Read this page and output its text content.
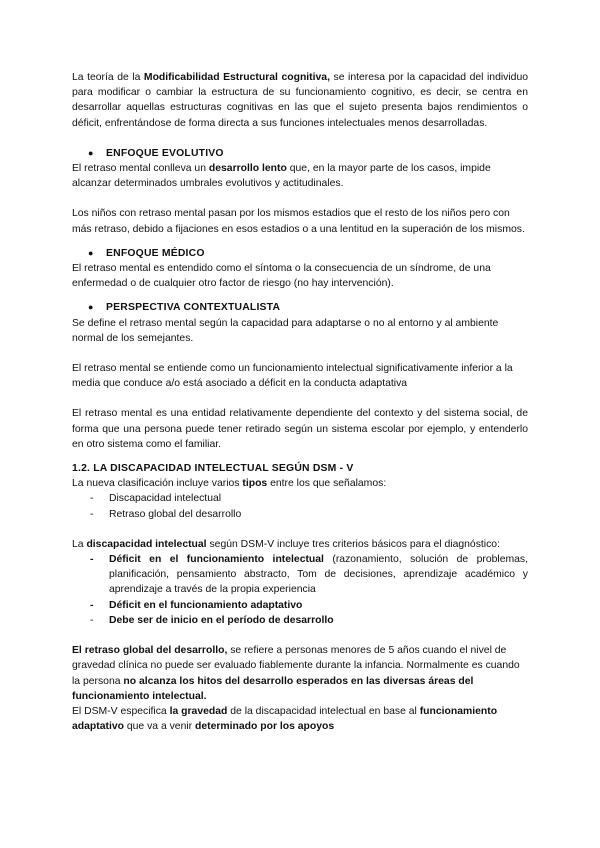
La teoría de la Modificabilidad Estructural cognitiva, se interesa por la capacidad del individuo para modificar o cambiar la estructura de su funcionamiento cognitivo, es decir, se centra en desarrollar aquellas estructuras cognitivas en las que el sujeto presenta bajos rendimientos o déficit, enfrentándose de forma directa a sus funciones intelectuales menos desarrolladas.

●	ENFOQUE EVOLUTIVO

El retraso mental conlleva un desarrollo lento que, en la mayor parte de los casos, impide alcanzar determinados umbrales evolutivos y actitudinales.

Los niños con retraso mental pasan por los mismos estadios que el resto de los niños pero con más retraso, debido a fijaciones en esos estadios o a una lentitud en la superación de los mismos.

●	ENFOQUE MÉDICO

El retraso mental es entendido como el síntoma o la consecuencia de un síndrome, de una enfermedad o de cualquier otro factor de riesgo (no hay intervención).

●	PERSPECTIVA CONTEXTUALISTA

Se define el retraso mental según la capacidad para adaptarse o no al entorno y al ambiente normal de los semejantes.

El retraso mental se entiende como un funcionamiento intelectual significativamente inferior a la media que conduce a/o está asociado a déficit en la conducta adaptativa

El retraso mental es una entidad relativamente dependiente del contexto y del sistema social, de forma que una persona puede tener retirado según un sistema escolar por ejemplo, y entenderlo en otro sistema como el familiar.

1.2. LA DISCAPACIDAD INTELECTUAL SEGÚN DSM - V

La nueva clasificación incluye varios tipos entre los que señalamos:

-	Discapacidad intelectual
-	Retraso global del desarrollo

La discapacidad intelectual según DSM-V incluye tres criterios básicos para el diagnóstico:

-	Déficit en el funcionamiento intelectual (razonamiento, solución de problemas, planificación, pensamiento abstracto, Tom de decisiones, aprendizaje académico y aprendizaje a través de la propia experiencia
-	Déficit en el funcionamiento adaptativo
-	Debe ser de inicio en el período de desarrollo

El retraso global del desarrollo, se refiere a personas menores de 5 años cuando el nivel de gravedad clínica no puede ser evaluado fiablemente durante la infancia. Normalmente es cuando la persona no alcanza los hitos del desarrollo esperados en las diversas áreas del funcionamiento intelectual.

El DSM-V especifica la gravedad de la discapacidad intelectual en base al funcionamiento adaptativo que va a venir determinado por los apoyos
